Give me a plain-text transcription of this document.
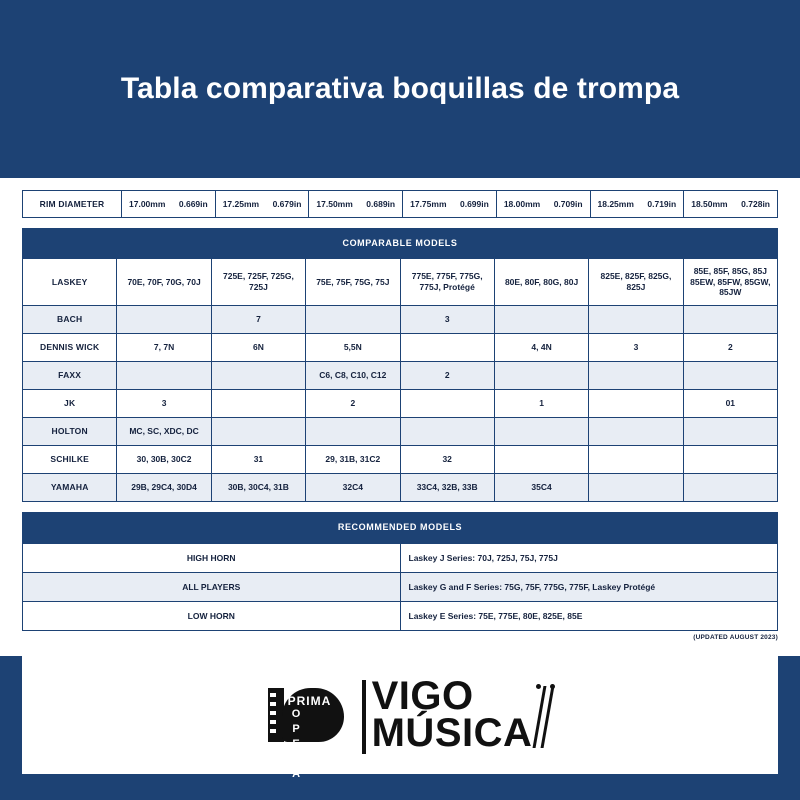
Tabla comparativa boquillas de trompa
RIM DIAMETER	17.00mm 0.669in	17.25mm 0.679in	17.50mm 0.689in	17.75mm 0.699in	18.00mm 0.709in	18.25mm 0.719in	18.50mm 0.728in
COMPARABLE MODELS							
LASKEY	70E, 70F, 70G, 70J	725E, 725F, 725G, 725J	75E, 75F, 75G, 75J	775E, 775F, 775G, 775J, Protégé	80E, 80F, 80G, 80J	825E, 825F, 825G, 825J	85E, 85F, 85G, 85J 85EW, 85FW, 85GW, 85JW
BACH		7		3			
DENNIS WICK	7, 7N	6N	5,5N		4, 4N	3	2
FAXX			C6, C8, C10, C12	2			
JK	3		2		1		01
HOLTON	MC, SC, XDC, DC						
SCHILKE	30, 30B, 30C2	31	29, 31B, 31C2	32			
YAMAHA	29B, 29C4, 30D4	30B, 30C4, 31B	32C4	33C4, 32B, 33B	35C4		
RECOMMENDED MODELS	
HIGH HORN	Laskey J Series: 70J, 725J, 75J, 775J
ALL PLAYERS	Laskey G and F Series: 75G, 75F, 775G, 775F, Laskey Protégé
LOW HORN	Laskey E Series: 75E, 775E, 80E, 825E, 85E
(UPDATED AUGUST 2023)
PRIMA
OPERA
VIGO
MÚSICA
